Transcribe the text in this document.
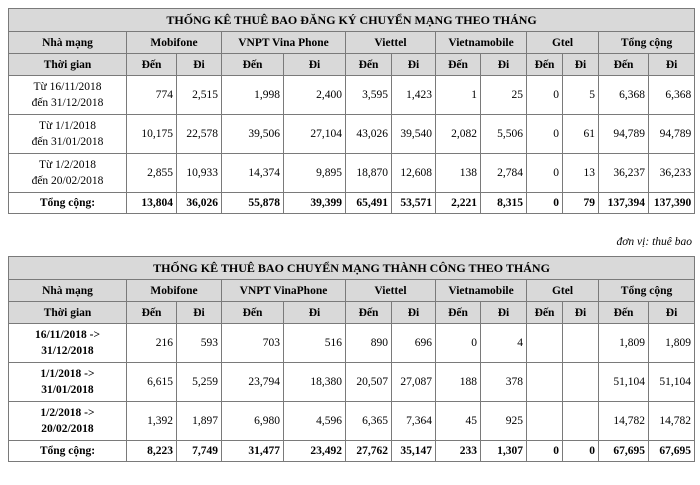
THỐNG KÊ THUÊ BAO ĐĂNG KÝ CHUYỂN MẠNG THEO THÁNG												
Nhà mạng	Mobifone		VNPT Vina Phone		Viettel		Vietnamobile		Gtel		Tổng cộng	
Thời gian	Đến	Đi	Đến	Đi	Đến	Đi	Đến	Đi	Đến	Đi	Đến	Đi

Từ 16/11/2018
đến 31/12/2018	774	2,515	1,998	2,400	3,595	1,423	1	25	0	5	6,368	6,368

Từ 1/1/2018
đến 31/01/2018	10,175	22,578	39,506	27,104	43,026	39,540	2,082	5,506	0	61	94,789	94,789

Từ 1/2/2018
đến 20/02/2018	2,855	10,933	14,374	9,895	18,870	12,608	138	2,784	0	13	36,237	36,233
Tổng cộng:	13,804	36,026	55,878	39,399	65,491	53,571	2,221	8,315	0	79	137,394	137,390
đơn vị: thuê bao
THỐNG KÊ THUÊ BAO CHUYỂN MẠNG THÀNH CÔNG THEO THÁNG												
Nhà mạng	Mobifone		VNPT VinaPhone		Viettel		Vietnamobile		Gtel		Tổng cộng	
Thời gian	Đến	Đi	Đến	Đi	Đến	Đi	Đến	Đi	Đến	Đi	Đến	Đi

16/11/2018 ->
31/12/2018	216	593	703	516	890	696	0	4			1,809	1,809

1/1/2018 ->
31/01/2018	6,615	5,259	23,794	18,380	20,507	27,087	188	378			51,104	51,104

1/2/2018 ->
20/02/2018	1,392	1,897	6,980	4,596	6,365	7,364	45	925			14,782	14,782
Tổng cộng:	8,223	7,749	31,477	23,492	27,762	35,147	233	1,307	0	0	67,695	67,695
